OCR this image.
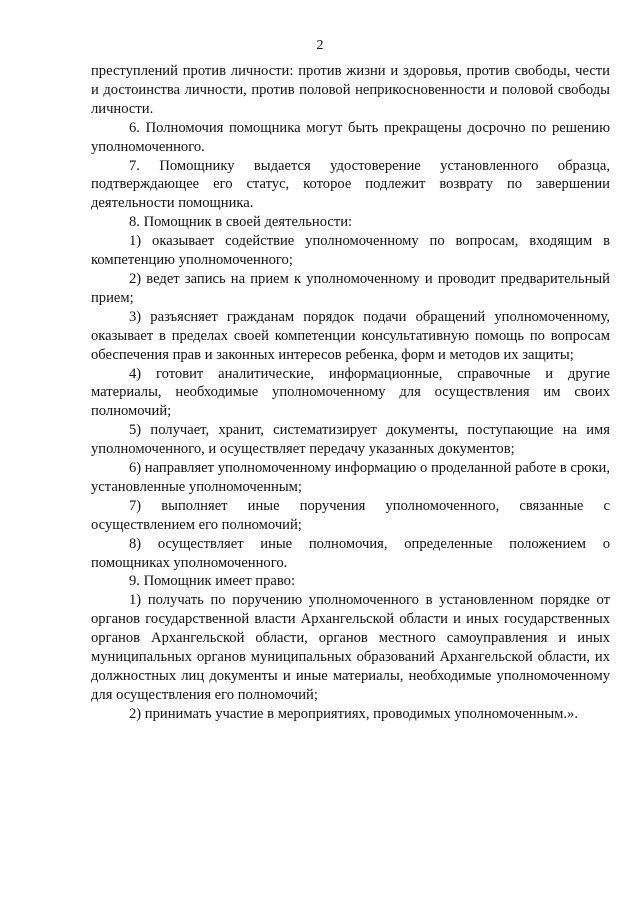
2

преступлений против личности: против жизни и здоровья, против свободы, чести и достоинства личности, против половой неприкосновенности и половой свободы личности.

6. Полномочия помощника могут быть прекращены досрочно по решению уполномоченного.

7. Помощнику выдается удостоверение установленного образца, подтверждающее его статус, которое подлежит возврату по завершении деятельности помощника.

8. Помощник в своей деятельности:

1) оказывает содействие уполномоченному по вопросам, входящим в компетенцию уполномоченного;

2) ведет запись на прием к уполномоченному и проводит предварительный прием;

3) разъясняет гражданам порядок подачи обращений уполномоченному, оказывает в пределах своей компетенции консультативную помощь по вопросам обеспечения прав и законных интересов ребенка, форм и методов их защиты;

4) готовит аналитические, информационные, справочные и другие материалы, необходимые уполномоченному для осуществления им своих полномочий;

5) получает, хранит, систематизирует документы, поступающие на имя уполномоченного, и осуществляет передачу указанных документов;

6) направляет уполномоченному информацию о проделанной работе в сроки, установленные уполномоченным;

7) выполняет иные поручения уполномоченного, связанные с осуществлением его полномочий;

8) осуществляет иные полномочия, определенные положением о помощниках уполномоченного.

9. Помощник имеет право:

1) получать по поручению уполномоченного в установленном порядке от органов государственной власти Архангельской области и иных государственных органов Архангельской области, органов местного самоуправления и иных муниципальных органов муниципальных образований Архангельской области, их должностных лиц документы и иные материалы, необходимые уполномоченному для осуществления его полномочий;

2) принимать участие в мероприятиях, проводимых уполномоченным.».
